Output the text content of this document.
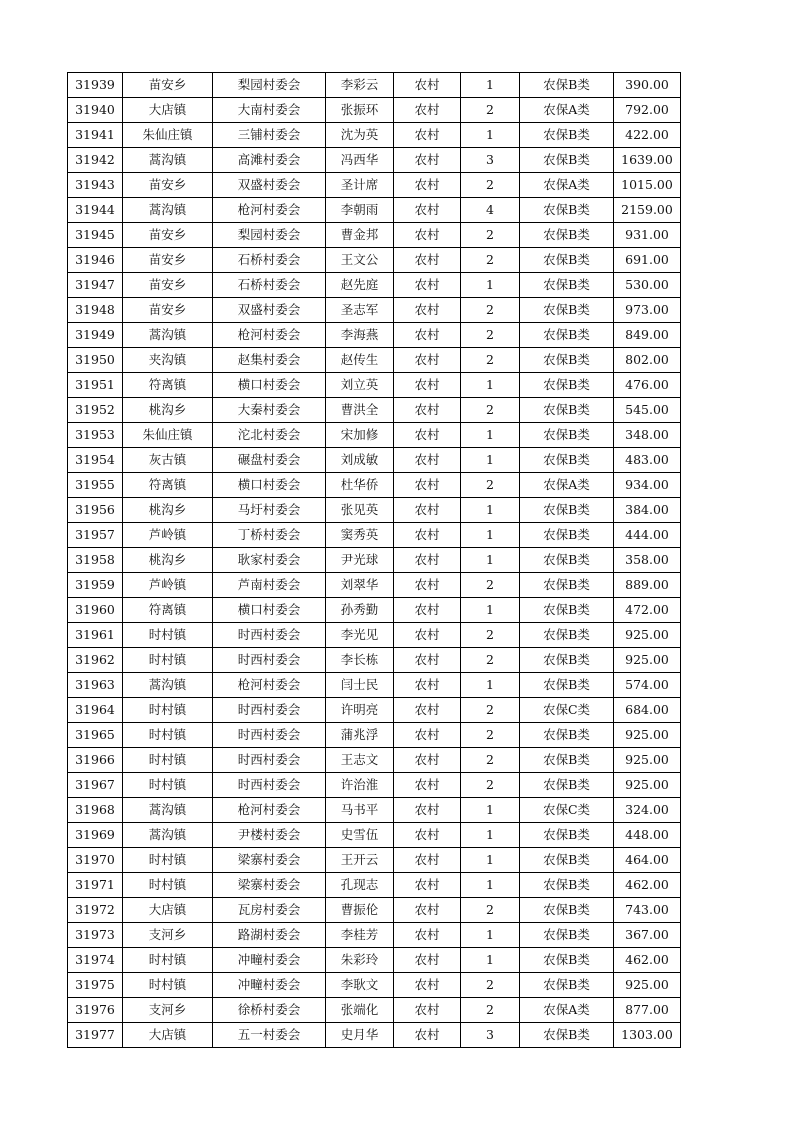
31939	苗安乡	梨园村委会	李彩云	农村	1	农保B类	390.00
31940	大店镇	大南村委会	张振环	农村	2	农保A类	792.00
31941	朱仙庄镇	三铺村委会	沈为英	农村	1	农保B类	422.00
31942	蒿沟镇	高滩村委会	冯西华	农村	3	农保B类	1639.00
31943	苗安乡	双盛村委会	圣计席	农村	2	农保A类	1015.00
31944	蒿沟镇	枪河村委会	李朝雨	农村	4	农保B类	2159.00
31945	苗安乡	梨园村委会	曹金邦	农村	2	农保B类	931.00
31946	苗安乡	石桥村委会	王文公	农村	2	农保B类	691.00
31947	苗安乡	石桥村委会	赵先庭	农村	1	农保B类	530.00
31948	苗安乡	双盛村委会	圣志军	农村	2	农保B类	973.00
31949	蒿沟镇	枪河村委会	李海燕	农村	2	农保B类	849.00
31950	夹沟镇	赵集村委会	赵传生	农村	2	农保B类	802.00
31951	符离镇	横口村委会	刘立英	农村	1	农保B类	476.00
31952	桃沟乡	大秦村委会	曹洪全	农村	2	农保B类	545.00
31953	朱仙庄镇	沱北村委会	宋加修	农村	1	农保B类	348.00
31954	灰古镇	碾盘村委会	刘成敏	农村	1	农保B类	483.00
31955	符离镇	横口村委会	杜华侨	农村	2	农保A类	934.00
31956	桃沟乡	马圩村委会	张见英	农村	1	农保B类	384.00
31957	芦岭镇	丁桥村委会	窦秀英	农村	1	农保B类	444.00
31958	桃沟乡	耿家村委会	尹光球	农村	1	农保B类	358.00
31959	芦岭镇	芦南村委会	刘翠华	农村	2	农保B类	889.00
31960	符离镇	横口村委会	孙秀勤	农村	1	农保B类	472.00
31961	时村镇	时西村委会	李光见	农村	2	农保B类	925.00
31962	时村镇	时西村委会	李长栋	农村	2	农保B类	925.00
31963	蒿沟镇	枪河村委会	闫士民	农村	1	农保B类	574.00
31964	时村镇	时西村委会	许明亮	农村	2	农保C类	684.00
31965	时村镇	时西村委会	蒲兆浮	农村	2	农保B类	925.00
31966	时村镇	时西村委会	王志文	农村	2	农保B类	925.00
31967	时村镇	时西村委会	许治淮	农村	2	农保B类	925.00
31968	蒿沟镇	枪河村委会	马书平	农村	1	农保C类	324.00
31969	蒿沟镇	尹楼村委会	史雪伍	农村	1	农保B类	448.00
31970	时村镇	梁寨村委会	王开云	农村	1	农保B类	464.00
31971	时村镇	梁寨村委会	孔现志	农村	1	农保B类	462.00
31972	大店镇	瓦房村委会	曹振伦	农村	2	农保B类	743.00
31973	支河乡	路湖村委会	李桂芳	农村	1	农保B类	367.00
31974	时村镇	冲疃村委会	朱彩玲	农村	1	农保B类	462.00
31975	时村镇	冲疃村委会	李耿文	农村	2	农保B类	925.00
31976	支河乡	徐桥村委会	张端化	农村	2	农保A类	877.00
31977	大店镇	五一村委会	史月华	农村	3	农保B类	1303.00
